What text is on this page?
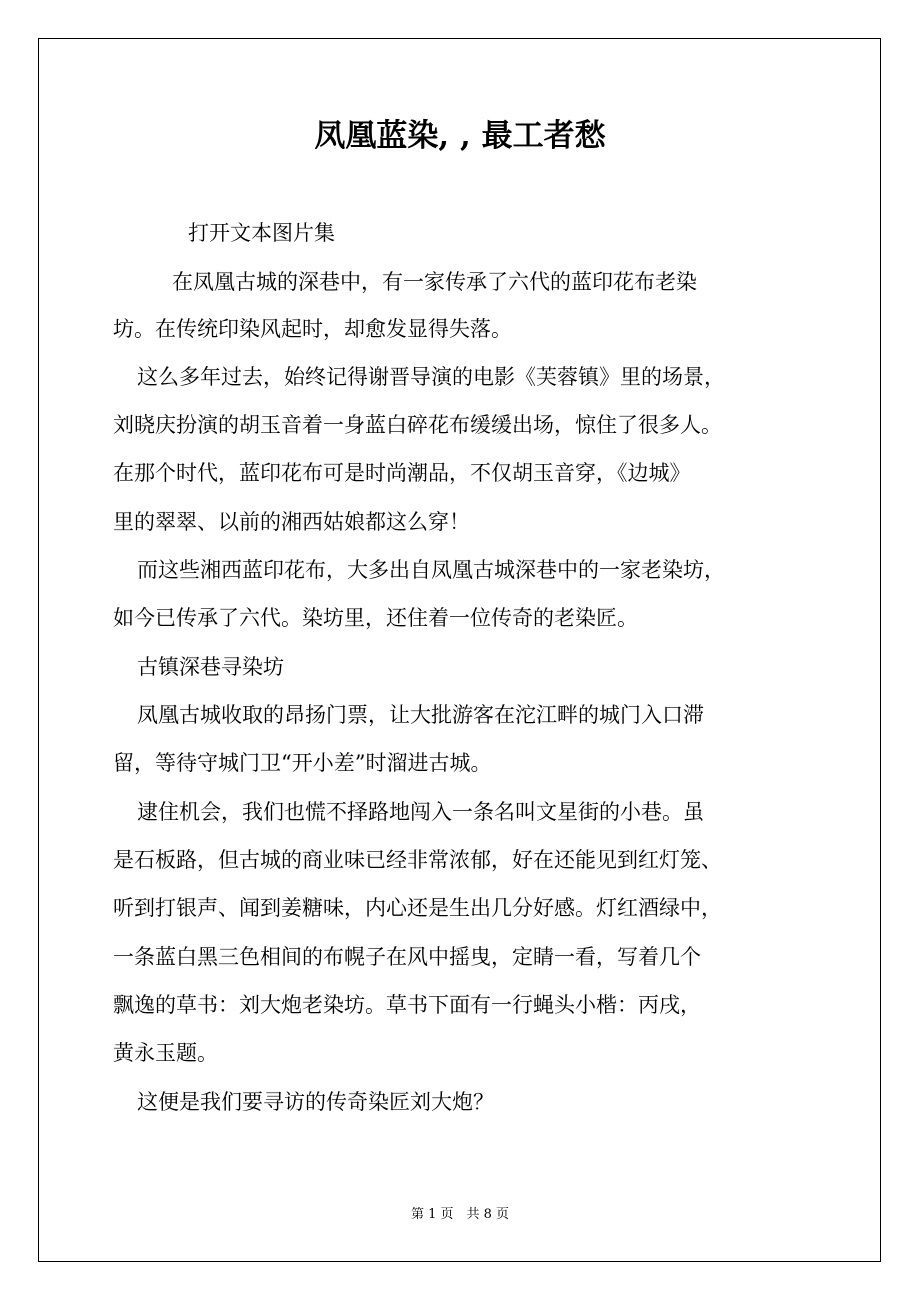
凤凰蓝染, , 最工者愁
打开文本图片集
在凤凰古城的深巷中，有一家传承了六代的蓝印花布老染
坊。在传统印染风起时，却愈发显得失落。
这么多年过去，始终记得谢晋导演的电影《芙蓉镇》里的场景，
刘晓庆扮演的胡玉音着一身蓝白碎花布缓缓出场，惊住了很多人。
在那个时代，蓝印花布可是时尚潮品，不仅胡玉音穿，《边城》
里的翠翠、以前的湘西姑娘都这么穿！
而这些湘西蓝印花布，大多出自凤凰古城深巷中的一家老染坊，
如今已传承了六代。染坊里，还住着一位传奇的老染匠。
古镇深巷寻染坊
凤凰古城收取的昂扬门票，让大批游客在沱江畔的城门入口滞
留，等待守城门卫“开小差”时溜进古城。
逮住机会，我们也慌不择路地闯入一条名叫文星街的小巷。虽
是石板路，但古城的商业味已经非常浓郁，好在还能见到红灯笼、
听到打银声、闻到姜糖味，内心还是生出几分好感。灯红酒绿中，
一条蓝白黑三色相间的布幌子在风中摇曳，定睛一看，写着几个
飘逸的草书：刘大炮老染坊。草书下面有一行蝇头小楷：丙戌，
黄永玉题。
这便是我们要寻访的传奇染匠刘大炮？
第 1 页　共 8 页
